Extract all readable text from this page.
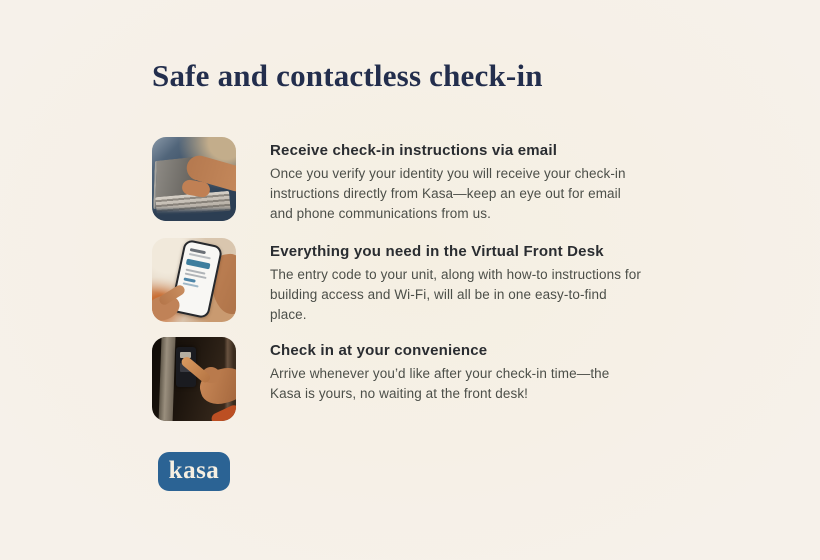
Safe and contactless check-in

Receive check-in instructions via email

Once you verify your identity you will receive your check-in instructions directly from Kasa—keep an eye out for email and phone communications from us.

Everything you need in the Virtual Front Desk

The entry code to your unit, along with how-to instructions for building access and Wi-Fi, will all be in one easy-to-find place.

Check in at your convenience

Arrive whenever you’d like after your check-in time—the Kasa is yours, no waiting at the front desk!

kasa
